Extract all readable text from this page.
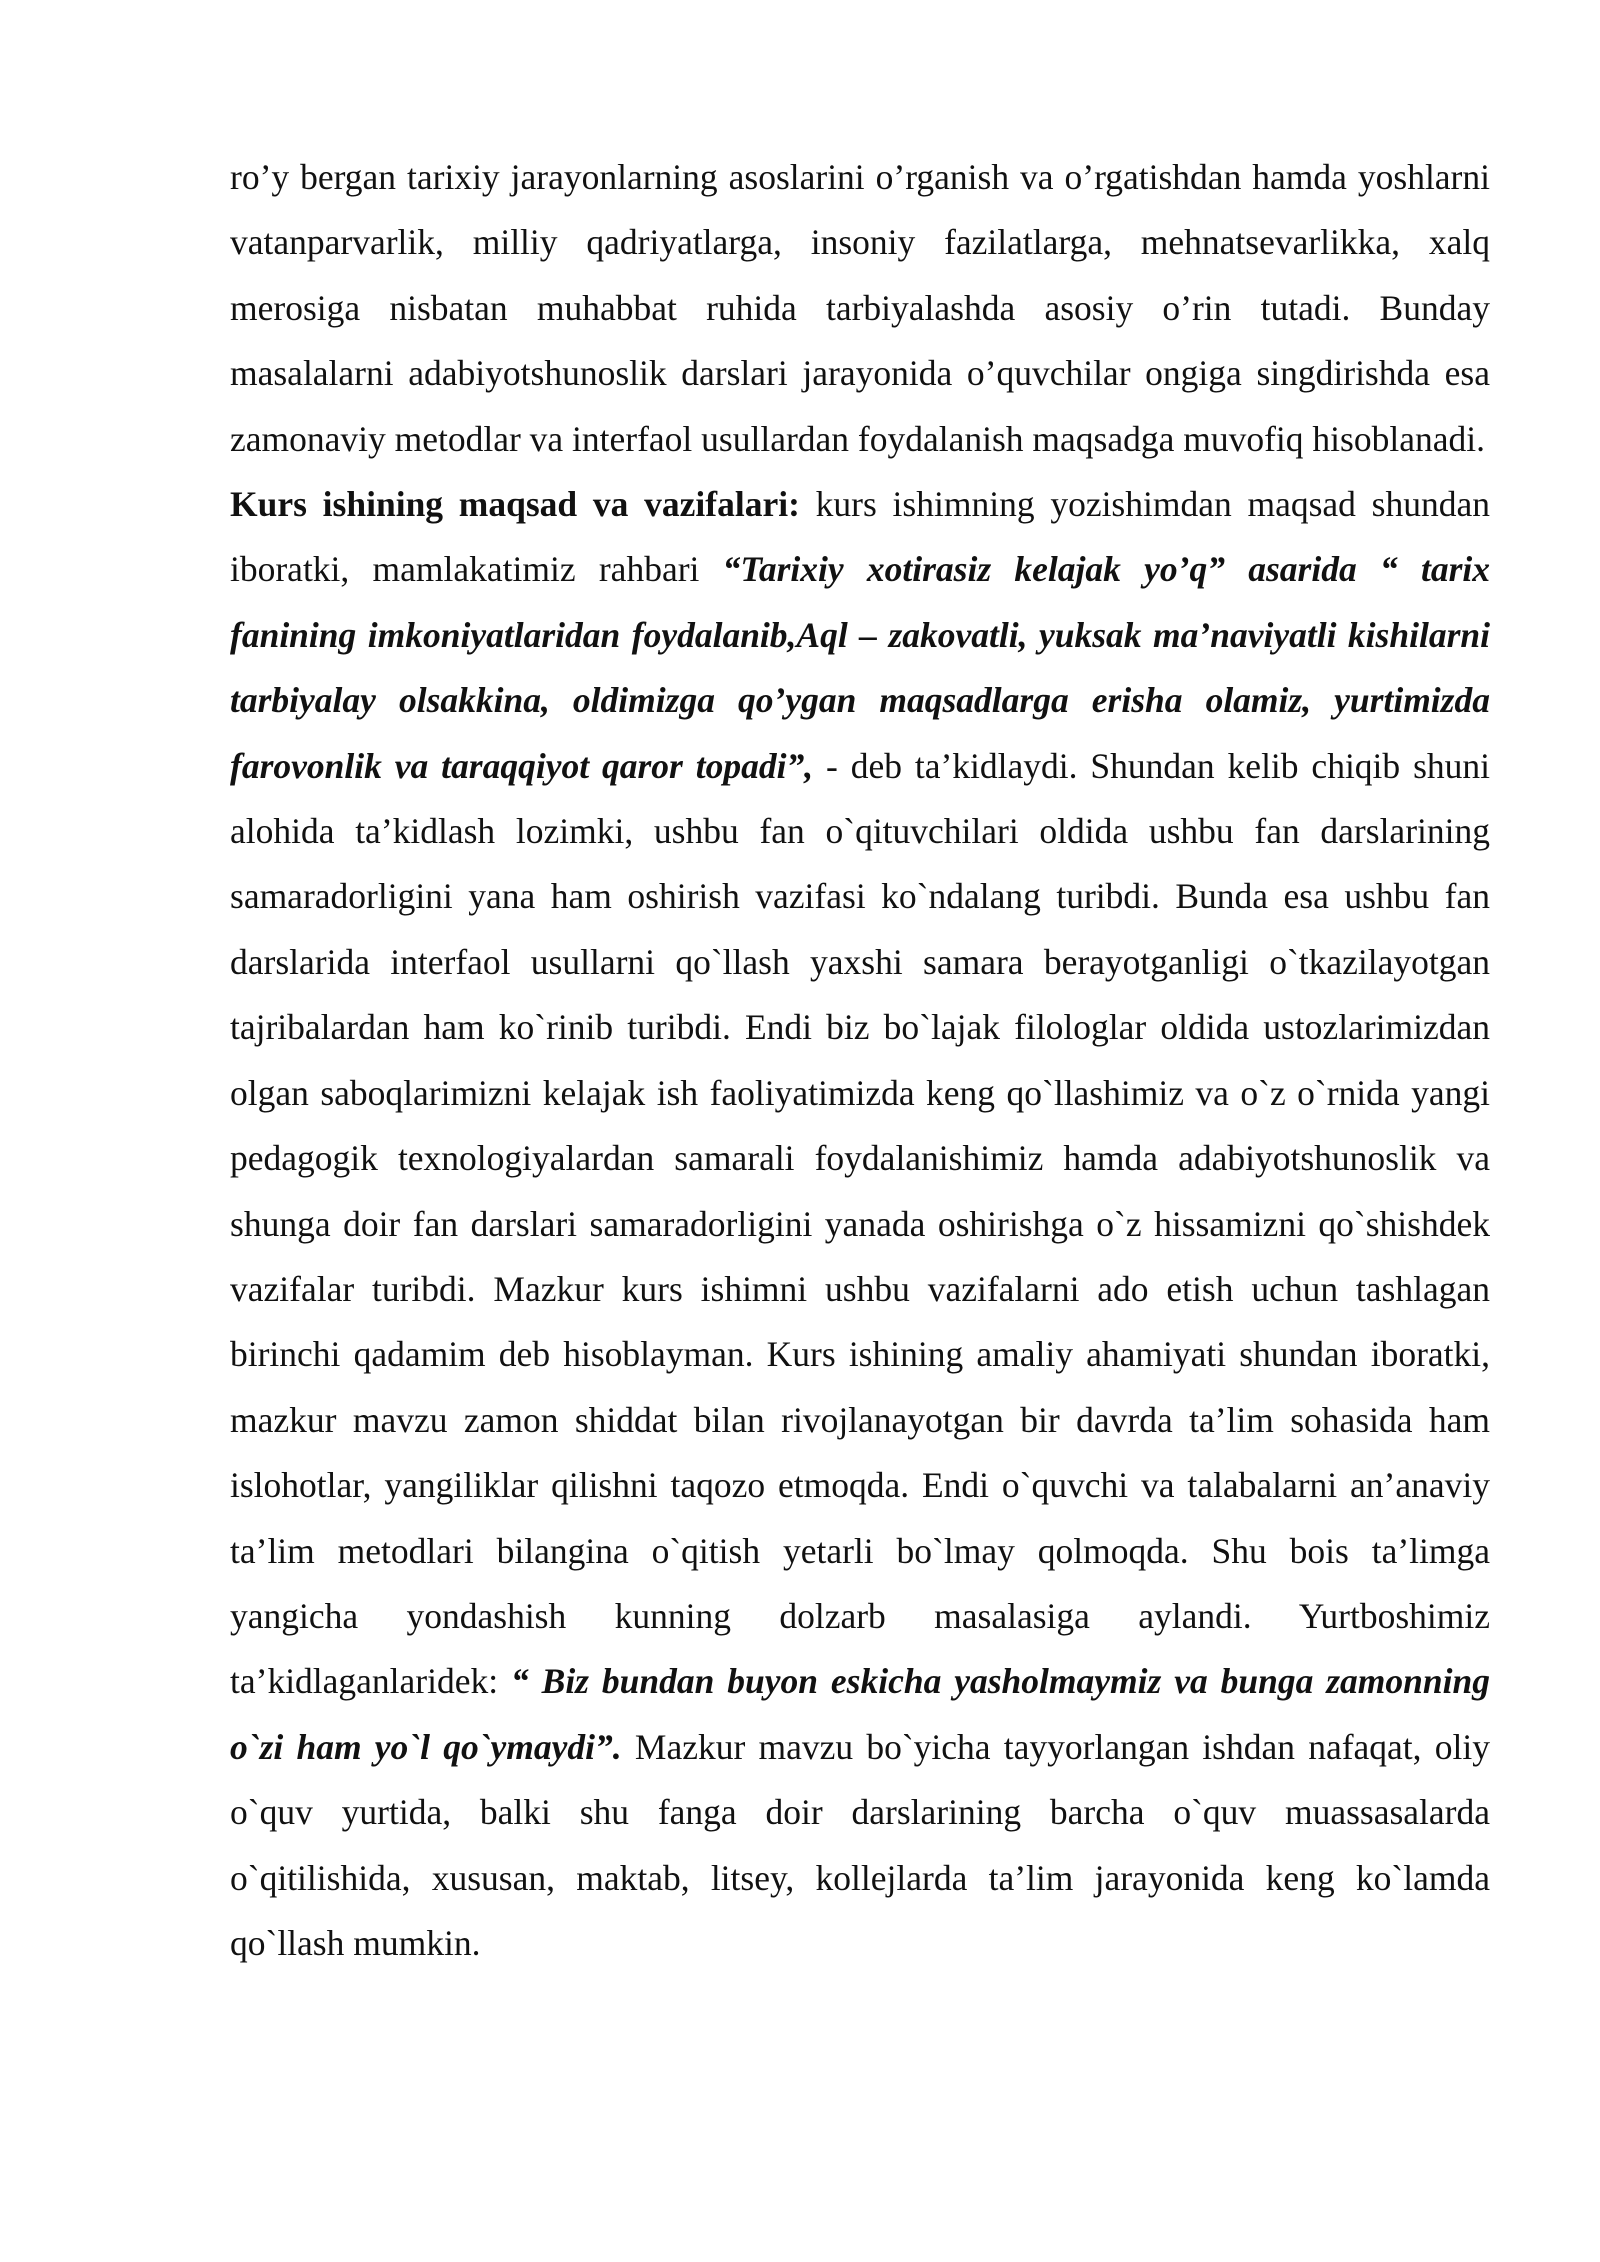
ro’y bergan tarixiy jarayonlarning asoslarini o’rganish va o’rgatishdan hamda yoshlarni vatanparvarlik, milliy qadriyatlarga, insoniy fazilatlarga, mehnatsevarlikka, xalq merosiga nisbatan muhabbat ruhida tarbiyalashda asosiy o’rin tutadi. Bunday masalalarni adabiyotshunoslik darslari jarayonida o’quvchilar ongiga singdirishda esa zamonaviy metodlar va interfaol usullardan foydalanish maqsadga muvofiq hisoblanadi.

Kurs ishining maqsad va vazifalari: kurs ishimning yozishimdan maqsad shundan iboratki, mamlakatimiz rahbari “Tarixiy xotirasiz kelajak yo’q” asarida “ tarix fanining imkoniyatlaridan foydalanib,Aql – zakovatli, yuksak ma’naviyatli kishilarni tarbiyalay olsakkina, oldimizga qo’ygan maqsadlarga erisha olamiz, yurtimizda farovonlik va taraqqiyot qaror topadi”, - deb ta’kidlaydi. Shundan kelib chiqib shuni alohida ta’kidlash lozimki, ushbu fan o`qituvchilari oldida ushbu fan darslarining samaradorligini yana ham oshirish vazifasi ko`ndalang turibdi. Bunda esa ushbu fan darslarida interfaol usullarni qo`llash yaxshi samara berayotganligi o`tkazilayotgan tajribalardan ham ko`rinib turibdi. Endi biz bo`lajak filologlar oldida ustozlarimizdan olgan saboqlarimizni kelajak ish faoliyatimizda keng qo`llashimiz va o`z o`rnida yangi pedagogik texnologiyalardan samarali foydalanishimiz hamda adabiyotshunoslik va shunga doir fan darslari samaradorligini yanada oshirishga o`z hissamizni qo`shishdek vazifalar turibdi. Mazkur kurs ishimni ushbu vazifalarni ado etish uchun tashlagan birinchi qadamim deb hisoblayman. Kurs ishining amaliy ahamiyati shundan iboratki, mazkur mavzu zamon shiddat bilan rivojlanayotgan bir davrda ta’lim sohasida ham islohotlar, yangiliklar qilishni taqozo etmoqda. Endi o`quvchi va talabalarni an’anaviy ta’lim metodlari bilangina o`qitish yetarli bo`lmay qolmoqda. Shu bois ta’limga yangicha yondashish kunning dolzarb masalasiga aylandi. Yurtboshimiz ta’kidlaganlaridek: “ Biz bundan buyon eskicha yasholmaymiz va bunga zamonning o`zi ham yo`l qo`ymaydi”. Mazkur mavzu bo`yicha tayyorlangan ishdan nafaqat, oliy o`quv yurtida, balki shu fanga doir darslarining barcha o`quv muassasalarda o`qitilishida, xususan, maktab, litsey, kollejlarda ta’lim jarayonida keng ko`lamda qo`llash mumkin.
